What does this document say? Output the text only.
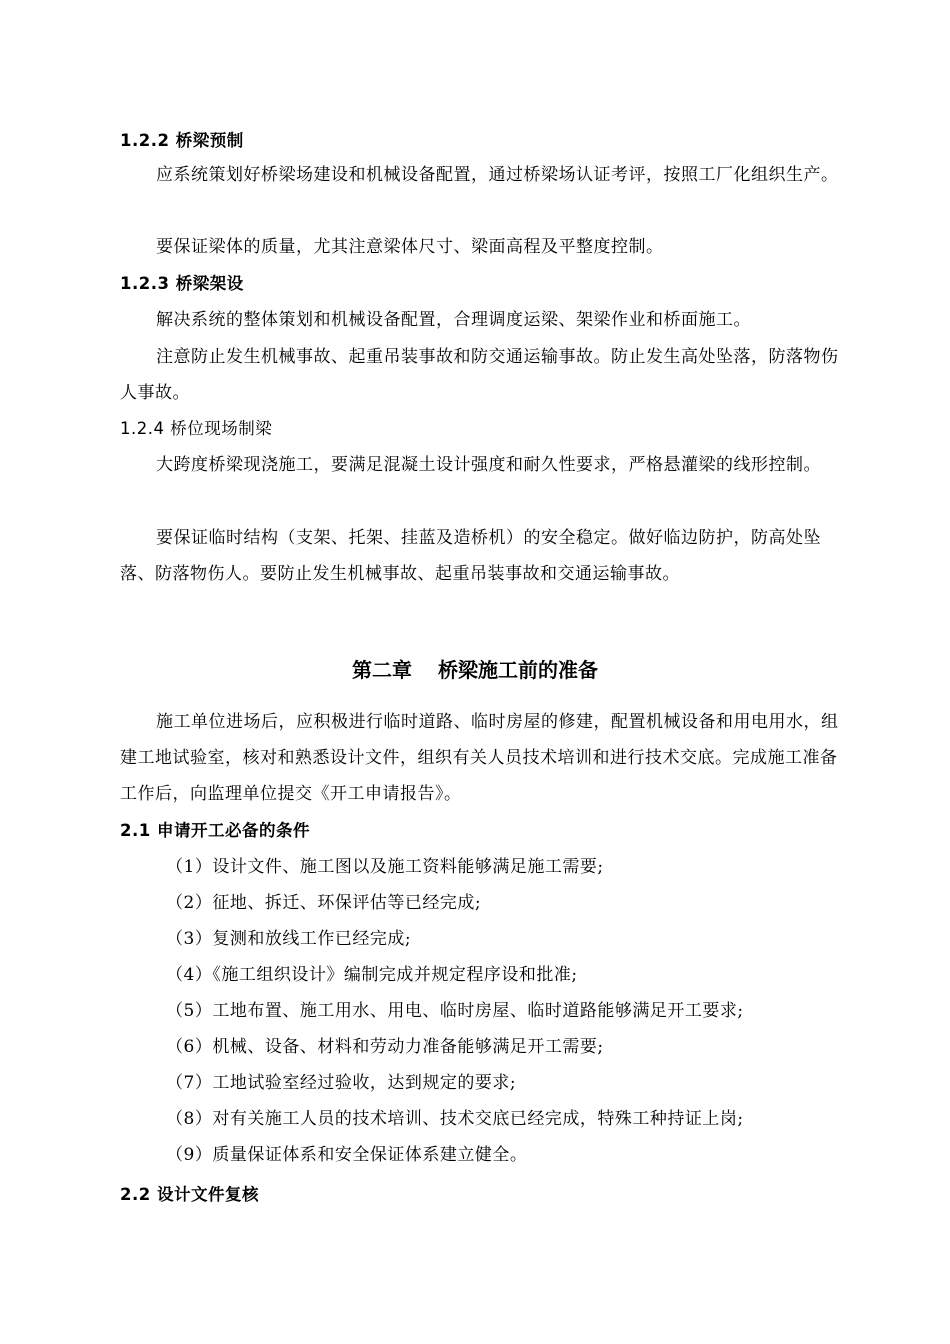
1.2.2 桥梁预制
应系统策划好桥梁场建设和机械设备配置，通过桥梁场认证考评，按照工厂化组织生产。
要保证梁体的质量，尤其注意梁体尺寸、梁面高程及平整度控制。
1.2.3 桥梁架设
解决系统的整体策划和机械设备配置，合理调度运梁、架梁作业和桥面施工。
注意防止发生机械事故、起重吊装事故和防交通运输事故。防止发生高处坠落，防落物伤人事故。
1.2.4 桥位现场制梁
大跨度桥梁现浇施工，要满足混凝土设计强度和耐久性要求，严格悬灌梁的线形控制。
要保证临时结构（支架、托架、挂蓝及造桥机）的安全稳定。做好临边防护，防高处坠落、防落物伤人。要防止发生机械事故、起重吊装事故和交通运输事故。
第二章 桥梁施工前的准备
施工单位进场后，应积极进行临时道路、临时房屋的修建，配置机械设备和用电用水，组建工地试验室，核对和熟悉设计文件，组织有关人员技术培训和进行技术交底。完成施工准备工作后，向监理单位提交《开工申请报告》。
2.1 申请开工必备的条件
（1）设计文件、施工图以及施工资料能够满足施工需要;
（2）征地、拆迁、环保评估等已经完成;
（3）复测和放线工作已经完成;
（4）《施工组织设计》编制完成并规定程序设和批准;
（5）工地布置、施工用水、用电、临时房屋、临时道路能够满足开工要求;
（6）机械、设备、材料和劳动力准备能够满足开工需要;
（7）工地试验室经过验收，达到规定的要求;
（8）对有关施工人员的技术培训、技术交底已经完成，特殊工种持证上岗;
（9）质量保证体系和安全保证体系建立健全。
2.2 设计文件复核
